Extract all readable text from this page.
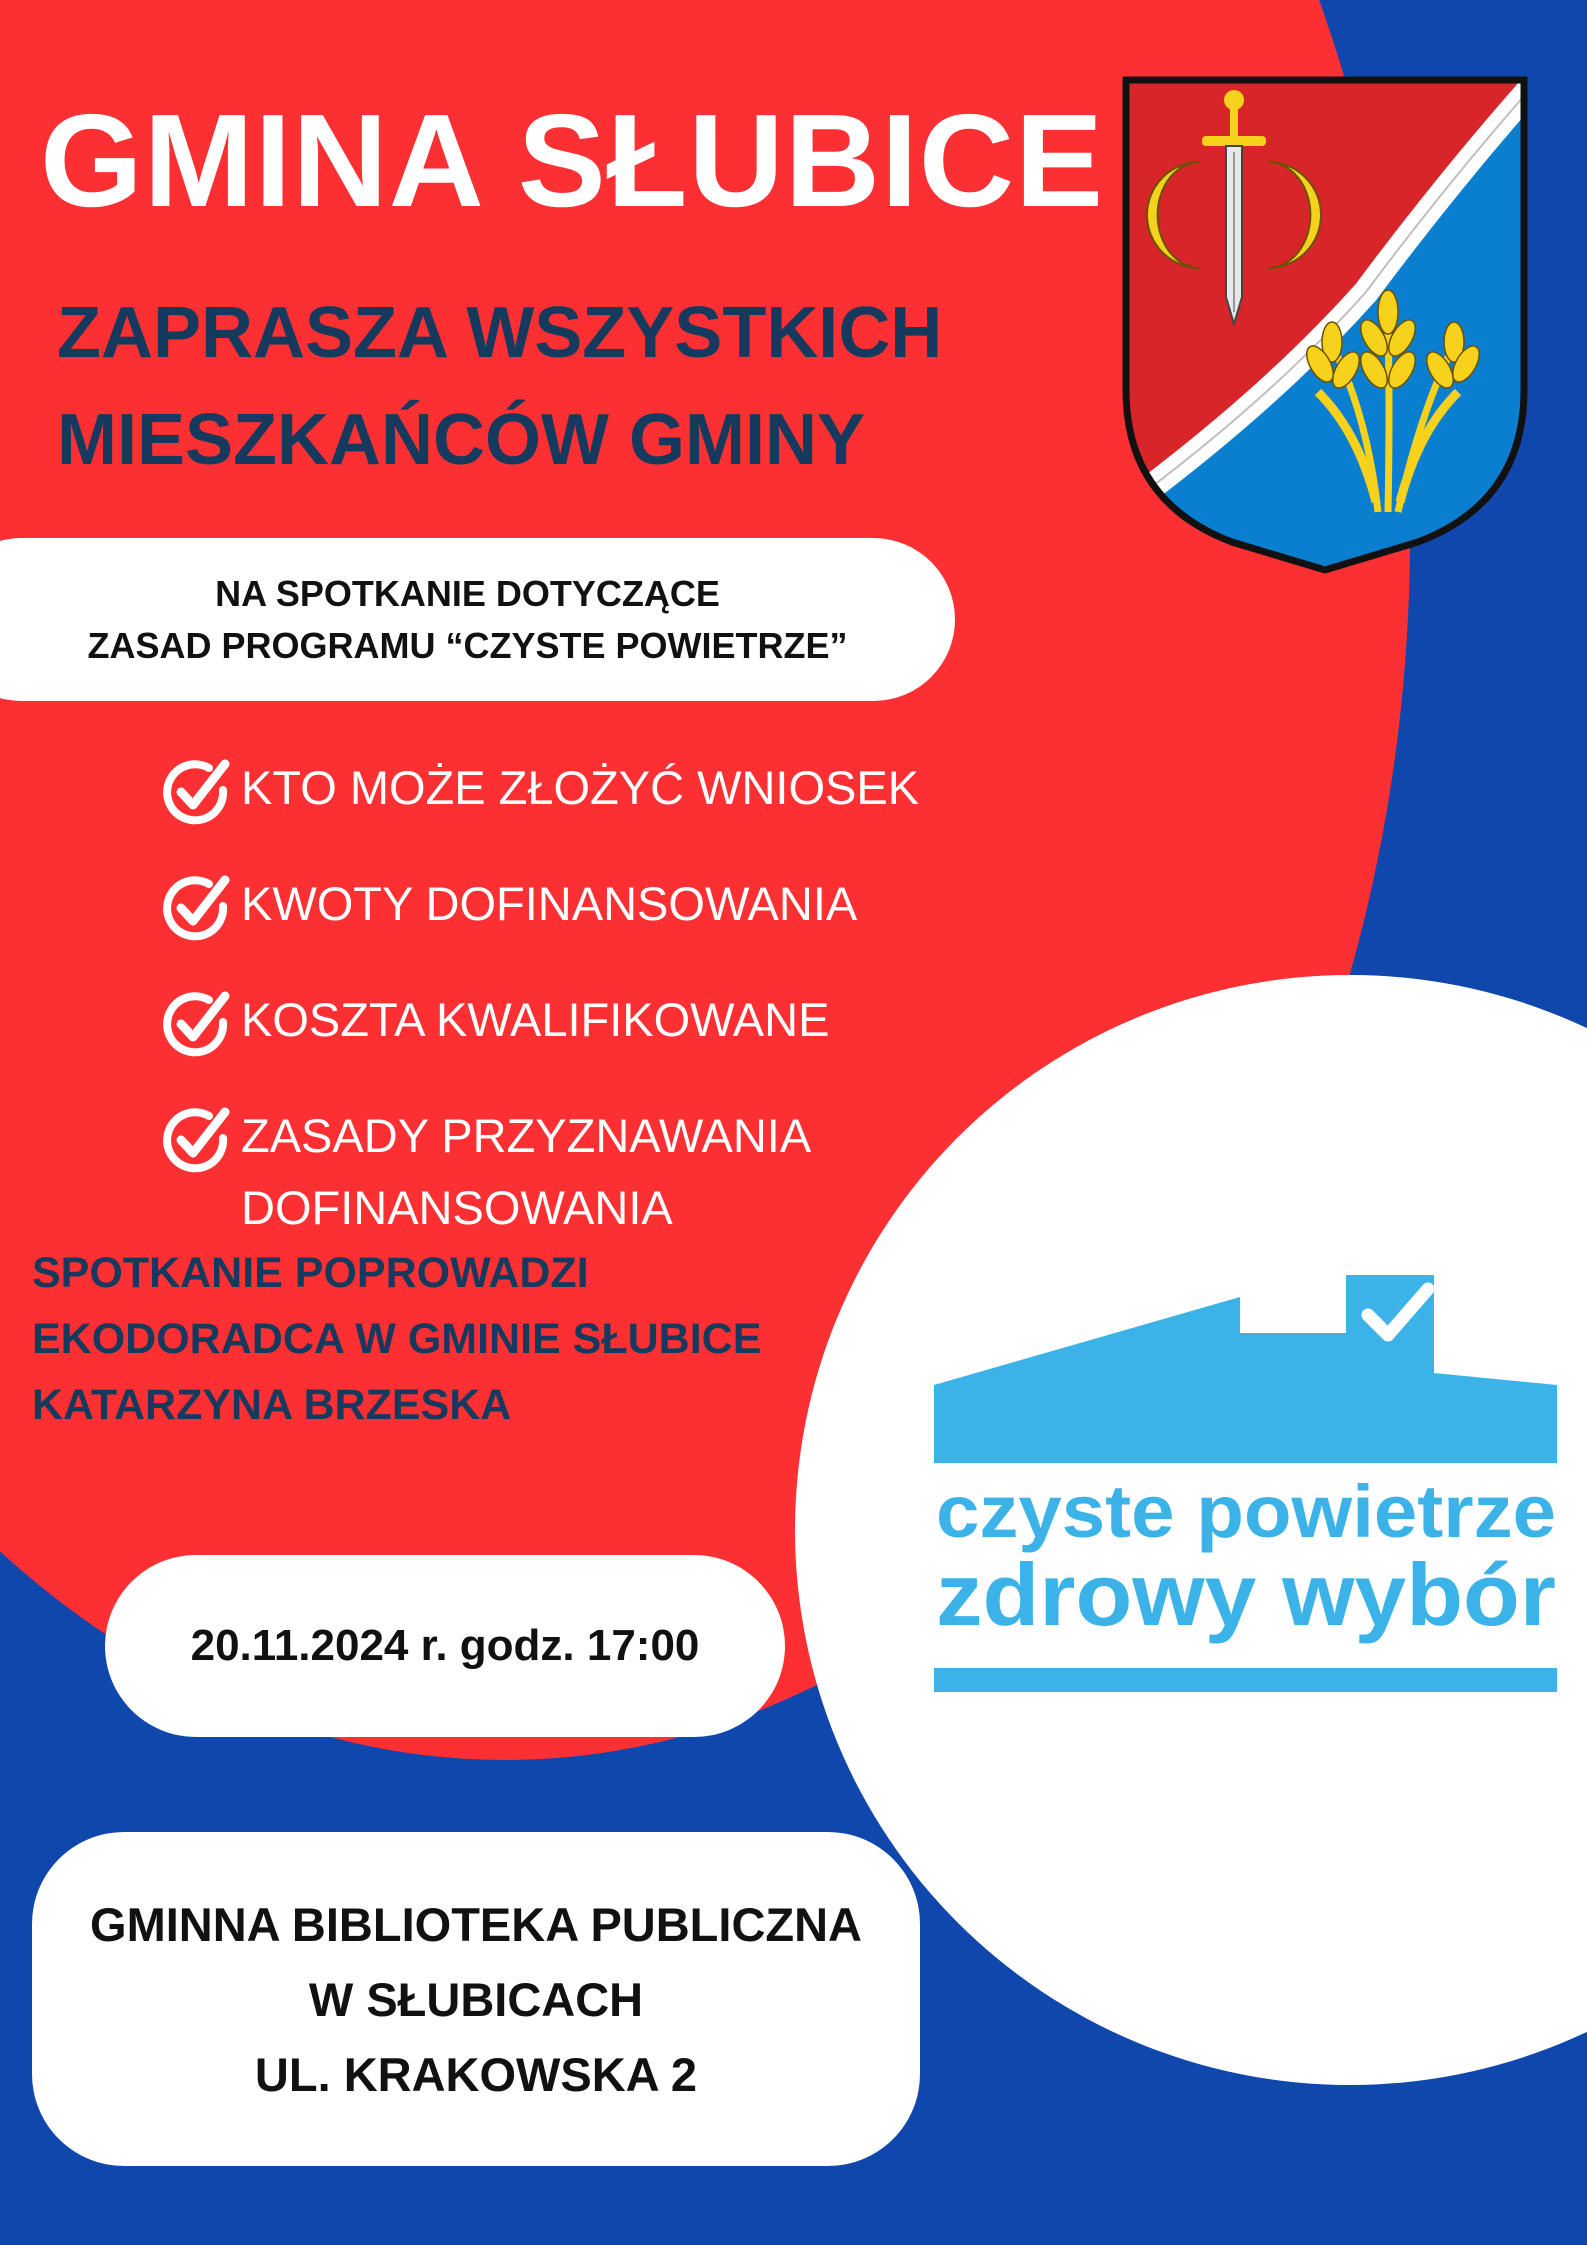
GMINA SŁUBICE
ZAPRASZA WSZYSTKICH
MIESZKAŃCÓW GMINY
NA SPOTKANIE DOTYCZĄCE
ZASAD PROGRAMU “CZYSTE POWIETRZE”
KTO MOŻE ZŁOŻYĆ WNIOSEK
KWOTY DOFINANSOWANIA
KOSZTA KWALIFIKOWANE
ZASADY PRZYZNAWANIA
DOFINANSOWANIA
SPOTKANIE POPROWADZI
EKODORADCA W GMINIE SŁUBICE
KATARZYNA BRZESKA
20.11.2024 r. godz. 17:00
GMINNA BIBLIOTEKA PUBLICZNA
W SŁUBICACH
UL. KRAKOWSKA 2
czyste powietrze
zdrowy wybór
